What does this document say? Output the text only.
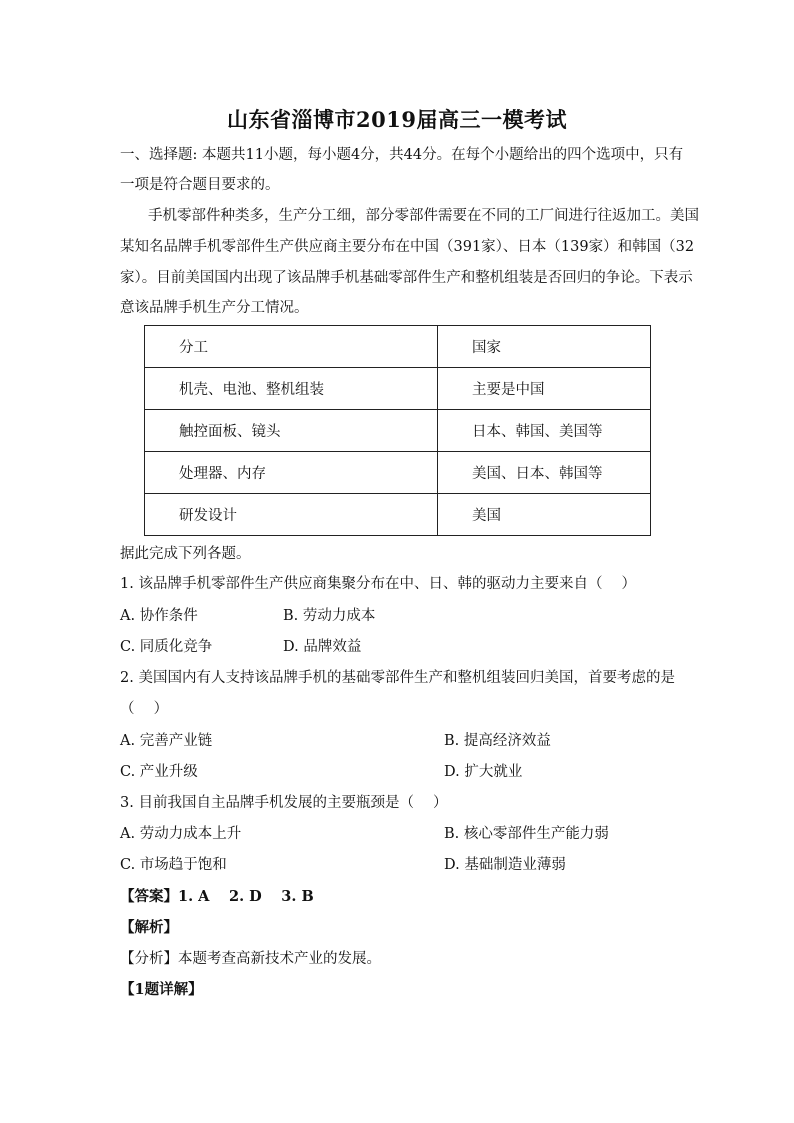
山东省淄博市2019届高三一模考试
一、选择题: 本题共11小题，每小题4分，共44分。在每个小题给出的四个选项中，只有
一项是符合题目要求的。
手机零部件种类多，生产分工细，部分零部件需要在不同的工厂间进行往返加工。美国
某知名品牌手机零部件生产供应商主要分布在中国（391家）、日本（139家）和韩国（32
家）。目前美国国内出现了该品牌手机基础零部件生产和整机组装是否回归的争论。下表示
意该品牌手机生产分工情况。
分工	国家
机壳、电池、整机组装	主要是中国
触控面板、镜头	日本、韩国、美国等
处理器、内存	美国、日本、韩国等
研发设计	美国
据此完成下列各题。
1. 该品牌手机零部件生产供应商集聚分布在中、日、韩的驱动力主要来自（　 ）
A. 协作条件	B. 劳动力成本
C. 同质化竞争	D. 品牌效益
2. 美国国内有人支持该品牌手机的基础零部件生产和整机组装回归美国，首要考虑的是
（　 ）
A. 完善产业链	B. 提高经济效益
C. 产业升级	D. 扩大就业
3. 目前我国自主品牌手机发展的主要瓶颈是（　 ）
A. 劳动力成本上升	B. 核心零部件生产能力弱
C. 市场趋于饱和	D. 基础制造业薄弱
【答案】1. A　 2. D　 3. B
【解析】
【分析】本题考查高新技术产业的发展。
【1题详解】
